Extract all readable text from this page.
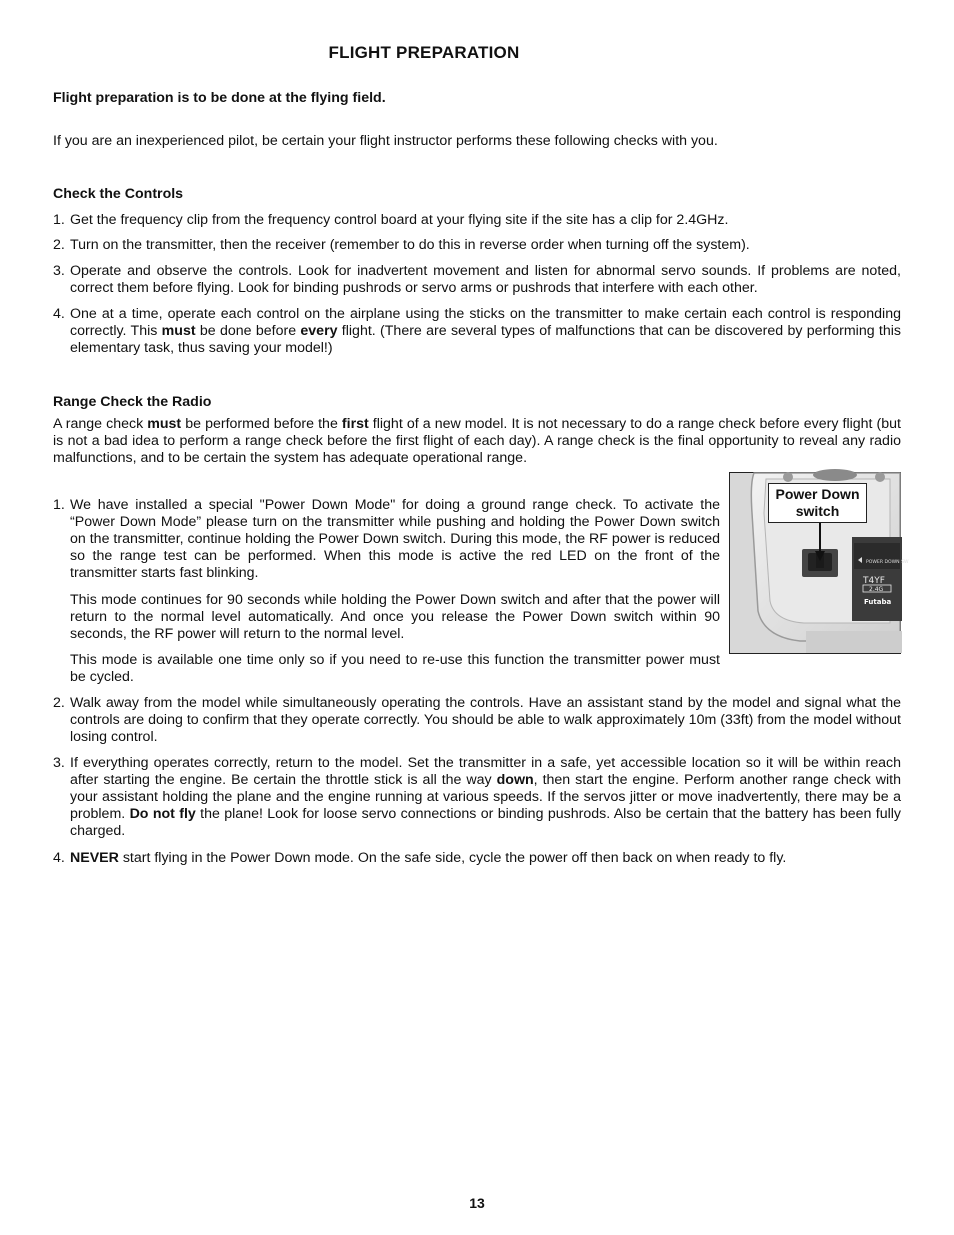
FLIGHT PREPARATION
Flight preparation is to be done at the flying field.
If you are an inexperienced pilot, be certain your flight instructor performs these following checks with you.
Check the Controls
1. Get the frequency clip from the frequency control board at your flying site if the site has a clip for 2.4GHz.
2. Turn on the transmitter, then the receiver (remember to do this in reverse order when turning off the system).
3. Operate and observe the controls. Look for inadvertent movement and listen for abnormal servo sounds. If problems are noted, correct them before flying. Look for binding pushrods or servo arms or pushrods that interfere with each other.
4. One at a time, operate each control on the airplane using the sticks on the transmitter to make certain each control is responding correctly. This must be done before every flight. (There are several types of malfunctions that can be discovered by performing this elementary task, thus saving your model!)
Range Check the Radio
A range check must be performed before the first flight of a new model. It is not necessary to do a range check before every flight (but is not a bad idea to perform a range check before the first flight of each day). A range check is the final opportunity to reveal any radio malfunctions, and to be certain the system has adequate operational range.
1. We have installed a special "Power Down Mode" for doing a ground range check. To activate the “Power Down Mode” please turn on the transmitter while pushing and holding the Power Down switch on the transmitter, continue holding the Power Down switch. During this mode, the RF power is reduced so the range test can be performed. When this mode is active the red LED on the front of the transmitter starts fast blinking.
This mode continues for 90 seconds while holding the Power Down switch and after that the power will return to the normal level automatically. And once you release the Power Down switch within 90 seconds, the RF power will return to the normal level.
This mode is available one time only so if you need to re-use this function the transmitter power must be cycled.
2. Walk away from the model while simultaneously operating the controls. Have an assistant stand by the model and signal what the controls are doing to confirm that they operate correctly. You should be able to walk approximately 10m (33ft) from the model without losing control.
3. If everything operates correctly, return to the model. Set the transmitter in a safe, yet accessible location so it will be within reach after starting the engine. Be certain the throttle stick is all the way down, then start the engine. Perform another range check with your assistant holding the plane and the engine running at various speeds. If the servos jitter or move inadvertently, there may be a problem. Do not fly the plane! Look for loose servo connections or binding pushrods. Also be certain that the battery has been fully charged.
4. NEVER start flying in the Power Down mode. On the safe side, cycle the power off then back on when ready to fly.
POWER DOWN SW
T4YF
2.4G
Futaba
Power Down
switch
13
